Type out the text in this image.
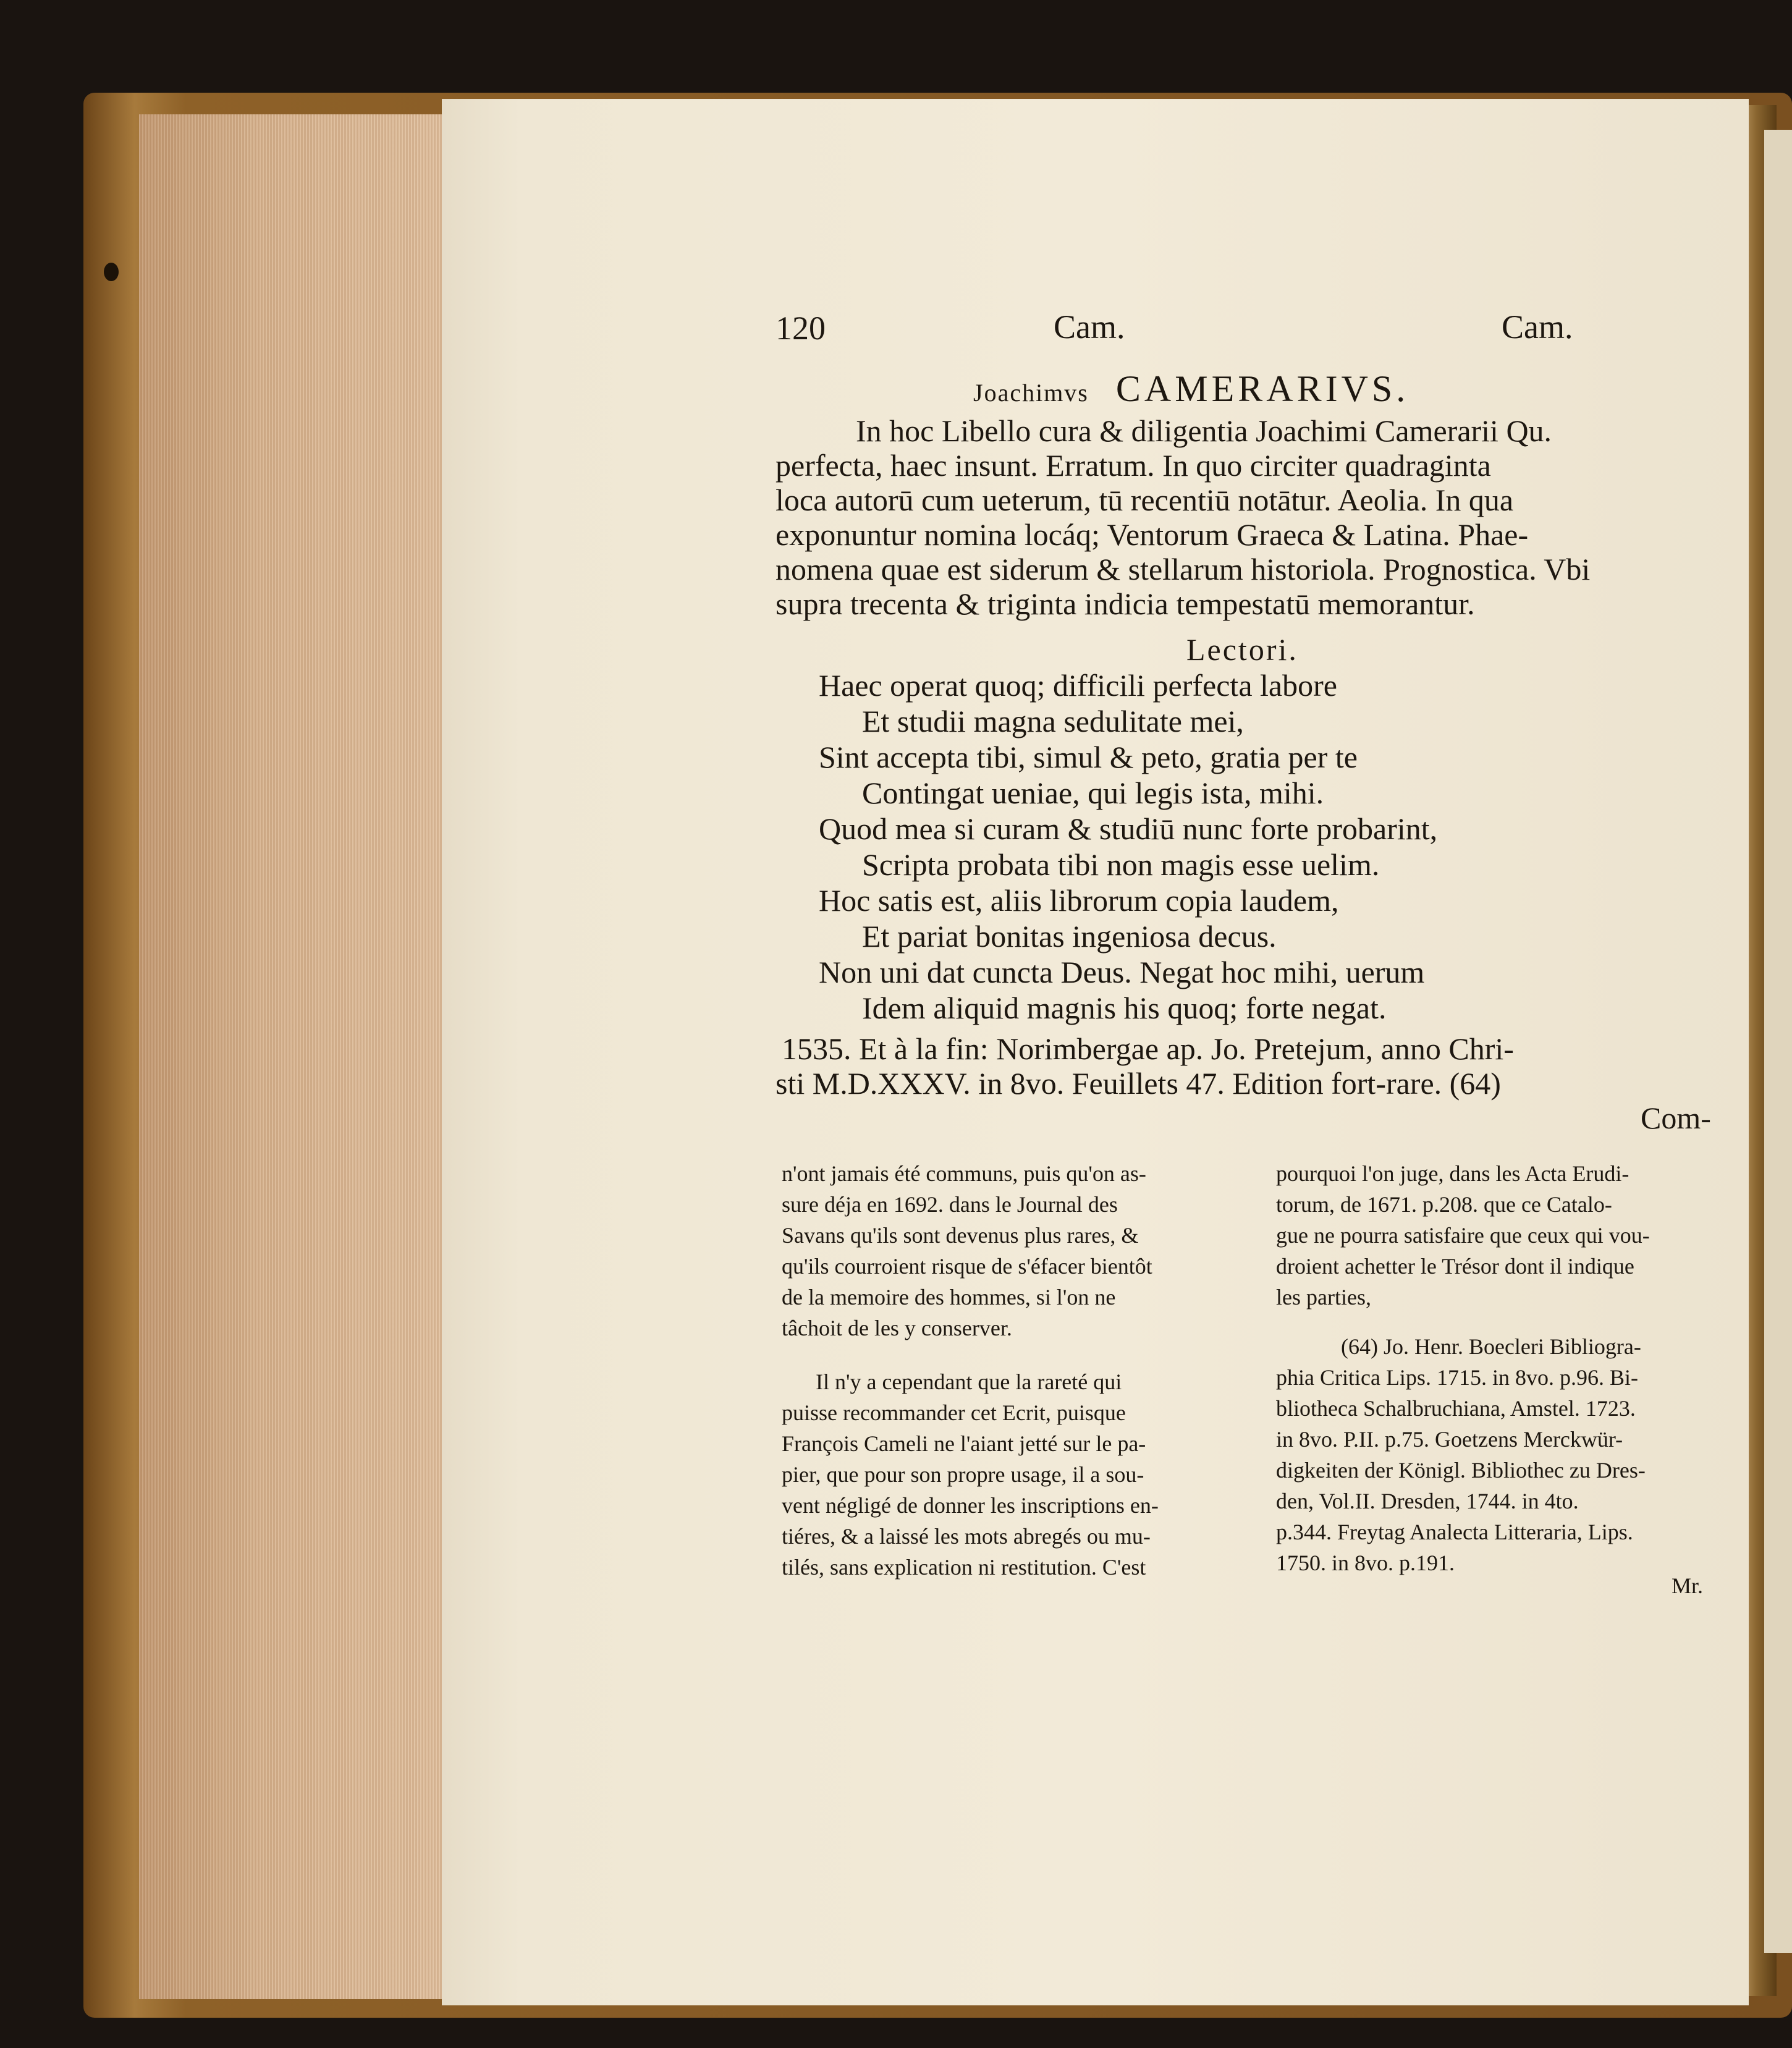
120	Cam.	Cam.
Joachimvs CAMERARIVS.
In hoc Libello cura & diligentia Joachimi Camerarii Qu.
perfecta, haec insunt. Erratum. In quo circiter quadraginta
loca autorū cum ueterum, tū recentiū notātur. Aeolia. In qua
exponuntur nomina locáq; Ventorum Graeca & Latina. Phae-
nomena quae est siderum & stellarum historiola. Prognostica. Vbi
supra trecenta & triginta indicia tempestatū memorantur.
Lectori.
Haec operat quoq; difficili perfecta labore
Et studii magna sedulitate mei,
Sint accepta tibi, simul & peto, gratia per te
Contingat ueniae, qui legis ista, mihi.
Quod mea si curam & studiū nunc forte probarint,
Scripta probata tibi non magis esse uelim.
Hoc satis est, aliis librorum copia laudem,
Et pariat bonitas ingeniosa decus.
Non uni dat cuncta Deus. Negat hoc mihi, uerum
Idem aliquid magnis his quoq; forte negat.
1535. Et à la fin: Norimbergae ap. Jo. Pretejum, anno Chri-
sti M.D.XXXV. in 8vo. Feuillets 47. Edition fort-rare. (64)
Com-
n'ont jamais été communs, puis qu'on as-
sure déja en 1692. dans le Journal des
Savans qu'ils sont devenus plus rares, &
qu'ils courroient risque de s'éfacer bientôt
de la memoire des hommes, si l'on ne
tâchoit de les y conserver.
Il n'y a cependant que la rareté qui
puisse recommander cet Ecrit, puisque
François Cameli ne l'aiant jetté sur le pa-
pier, que pour son propre usage, il a sou-
vent négligé de donner les inscriptions en-
tiéres, & a laissé les mots abregés ou mu-
tilés, sans explication ni restitution. C'est
pourquoi l'on juge, dans les Acta Erudi-
torum, de 1671. p.208. que ce Catalo-
gue ne pourra satisfaire que ceux qui vou-
droient achetter le Trésor dont il indique
les parties,
(64) Jo. Henr. Boecleri Bibliogra-
phia Critica Lips. 1715. in 8vo. p.96. Bi-
bliotheca Schalbruchiana, Amstel. 1723.
in 8vo. P.II. p.75. Goetzens Merckwür-
digkeiten der Königl. Bibliothec zu Dres-
den, Vol.II. Dresden, 1744. in 4to.
p.344. Freytag Analecta Litteraria, Lips.
1750. in 8vo. p.191.
Mr.
